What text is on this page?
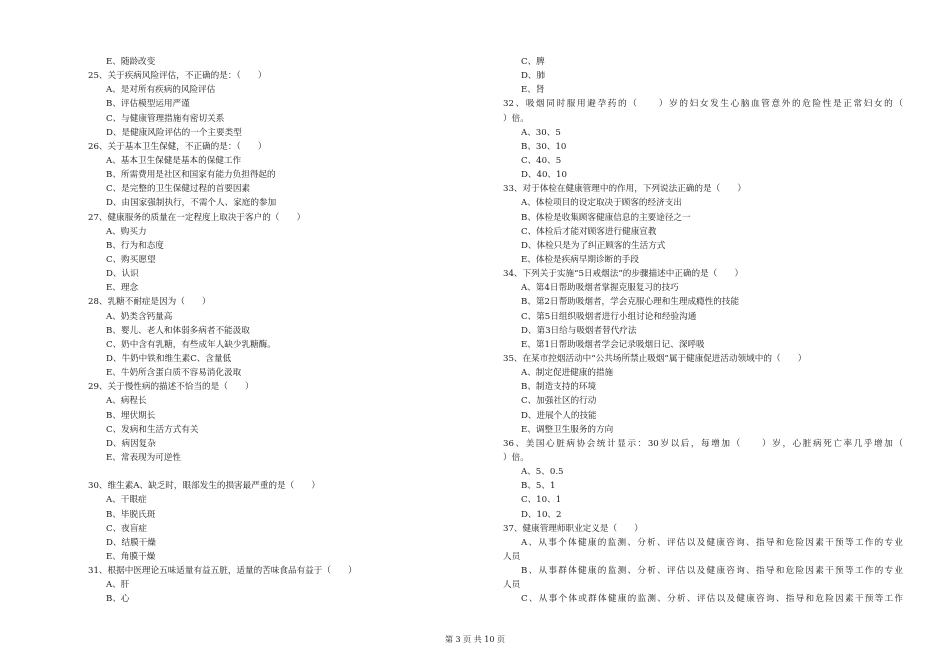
E、随龄改变
25、关于疾病风险评估，不正确的是：（　　）
A、是对所有疾病的风险评估
B、评估模型运用严谨
C、与健康管理措施有密切关系
D、是健康风险评估的一个主要类型
26、关于基本卫生保健，不正确的是：（　　）
A、基本卫生保健是基本的保健工作
B、所需费用是社区和国家有能力负担得起的
C、是完整的卫生保健过程的首要因素
D、由国家强制执行，不需个人、家庭的参加
27、健康服务的质量在一定程度上取决于客户的（　　）
A、购买力
B、行为和态度
C、购买愿望
D、认识
E、理念
28、乳糖不耐症是因为（　　）
A、奶类含钙量高
B、婴儿、老人和体弱多病者不能汲取
C、奶中含有乳糖，有些成年人缺少乳糖酶。
D、牛奶中铁和维生素C、含量低
E、牛奶所含蛋白质不容易消化汲取
29、关于慢性病的描述不恰当的是（　　）
A、病程长
B、埋伏期长
C、发病和生活方式有关
D、病因复杂
E、常表现为可逆性
30、维生素A、缺乏时，眼部发生的损害最严重的是（　　）
A、干眼症
B、毕脱氏斑
C、夜盲症
D、结膜干燥
E、角膜干燥
31、根据中医理论五味适量有益五脏，适量的苦味食品有益于（　　）
A、肝
B、心
C、脾
D、肺
E、肾
32、吸烟同时服用避孕药的（　　）岁的妇女发生心脑血管意外的危险性是正常妇女的（
）倍。
A、30、5
B、30、10
C、40、5
D、40、10
33、对于体检在健康管理中的作用，下列说法正确的是（　　）
A、体检项目的设定取决于顾客的经济支出
B、体检是收集顾客健康信息的主要途径之一
C、体检后才能对顾客进行健康宣教
D、体检只是为了纠正顾客的生活方式
E、体检是疾病早期诊断的手段
34、下列关于实施“5日戒烟法”的步骤描述中正确的是（　　）
A、第4日帮助吸烟者掌握克服复习的技巧
B、第2日帮助吸烟者，学会克服心理和生理成瘾性的技能
C、第5日组织吸烟者进行小组讨论和经验沟通
D、第3日给与吸烟者替代疗法
E、第1日帮助吸烟者学会记录吸烟日记、深呼吸
35、在某市控烟活动中“公共场所禁止吸烟”属于健康促进活动领域中的（　　）
A、制定促进健康的措施
B、制造支持的环境
C、加强社区的行动
D、进展个人的技能
E、调整卫生服务的方向
36、美国心脏病协会统计显示：30岁以后，每增加（　　）岁，心脏病死亡率几乎增加（
）倍。
A、5、0.5
B、5、1
C、10、1
D、10、2
37、健康管理师职业定义是（　　）
A、从事个体健康的监测、分析、评估以及健康咨询、指导和危险因素干预等工作的专业
人员
B、从事群体健康的监测、分析、评估以及健康咨询、指导和危险因素干预等工作的专业
人员
C、从事个体或群体健康的监测、分析、评估以及健康咨询、指导和危险因素干预等工作
第 3 页 共 10 页
